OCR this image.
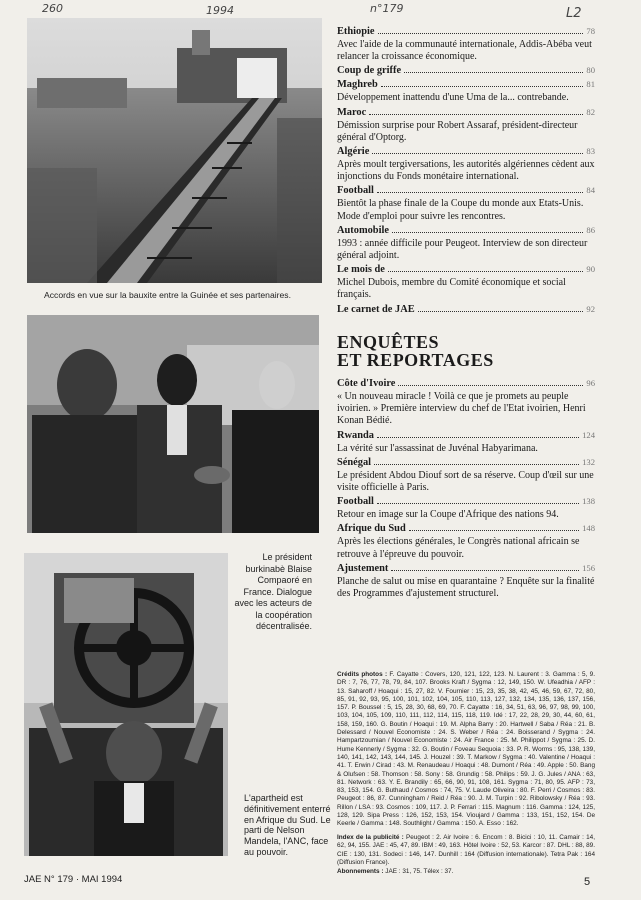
260	1994	n°179	L2
Accords en vue sur la bauxite entre la Guinée et ses partenaires.
Le président burkinabè Blaise Compaoré en France. Dialogue avec les acteurs de la coopération décentralisée.
L'apartheid est définitivement enterré en Afrique du Sud. Le parti de Nelson Mandela, l'ANC, face au pouvoir.
Ethiopie	78
Avec l'aide de la communauté internationale, Addis-Abéba veut relancer la croissance économique.
Coup de griffe	80
Maghreb	81
Développement inattendu d'une Uma de la... contrebande.
Maroc	82
Démission surprise pour Robert Assaraf, président-directeur général d'Optorg.
Algérie	83
Après moult tergiversations, les autorités algériennes cèdent aux injonctions du Fonds monétaire international.
Football	84
Bientôt la phase finale de la Coupe du monde aux Etats-Unis. Mode d'emploi pour suivre les rencontres.
Automobile	86
1993 : année difficile pour Peugeot. Interview de son directeur général adjoint.
Le mois de	90
Michel Dubois, membre du Comité économique et social français.
Le carnet de JAE	92
ENQUÊTES
ET REPORTAGES
Côte d'Ivoire	96
« Un nouveau miracle ! Voilà ce que je promets au peuple ivoirien. » Première interview du chef de l'Etat ivoirien, Henri Konan Bédié.
Rwanda	124
La vérité sur l'assassinat de Juvénal Habyarimana.
Sénégal	132
Le président Abdou Diouf sort de sa réserve. Coup d'œil sur une visite officielle à Paris.
Football	138
Retour en image sur la Coupe d'Afrique des nations 94.
Afrique du Sud	148
Après les élections générales, le Congrès national africain se retrouve à l'épreuve du pouvoir.
Ajustement	156
Planche de salut ou mise en quarantaine ? Enquête sur la finalité des Programmes d'ajustement structurel.
Crédits photos : F. Cayatte : Covers, 120, 121, 122, 123. N. Laurent : 3. Gamma : 5, 9. DR : 7, 76, 77, 78, 79, 84, 107. Brooks Kraft / Sygma : 12, 149, 150. W. Ufeadhia / AFP : 13. Saharoff / Hoaqui : 15, 27, 82. V. Fournier : 15, 23, 35, 38, 42, 45, 46, 59, 67, 72, 80, 85, 91, 92, 93, 95, 100, 101, 102, 104, 105, 110, 113, 127, 132, 134, 135, 136, 137, 156, 157. P. Boussel : 5, 15, 28, 30, 68, 69, 70. F. Cayatte : 16, 34, 51, 63, 96, 97, 98, 99, 100, 103, 104, 105, 109, 110, 111, 112, 114, 115, 118, 119. Idé : 17, 22, 28, 29, 30, 44, 60, 61, 158, 159, 160. G. Boutin / Hoaqui : 19. M. Alpha Barry : 20. Hartwell / Saba / Réa : 21. B. Delessard / Nouvel Economiste : 24. S. Weber / Réa : 24. Boisserand / Sygma : 24. Hampartzoumian / Nouvel Economiste : 24. Air France : 25. M. Philippot / Sygma : 25. D. Hume Kennerly / Sygma : 32. G. Boutin / Foveau Sequoia : 33. P. R. Worms : 95, 138, 139, 140, 141, 142, 143, 144, 145. J. Houzel : 39. T. Markow / Sygma : 40. Valentine / Hoaqui : 41. T. Erwin / Cirad : 43. M. Renaudeau / Hoaqui : 48. Dumont / Réa : 49. Apple : 50. Bang & Olufsen : 58. Thomson : 58. Sony : 58. Grundig : 58. Philips : 59. J. G. Jules / ANA : 63, 81. Network : 63. Y. E. Brandily : 65, 66, 90, 91, 108, 161. Sygma : 71, 80, 95. AFP : 73, 83, 153, 154. G. Buthaud / Cosmos : 74, 75. V. Laude Oliveira : 80. F. Perri / Cosmos : 83. Peugeot : 86, 87. Cunningham / Reid / Réa : 90. J. M. Turpin : 92. Ribolowsky / Réa : 93. Rillon / LSA : 93. Cosmos : 109, 117. J. P. Ferrari : 115. Magnum : 116. Gamma : 124, 125, 128, 129. Sipa Press : 126, 152, 153, 154. Vioujard / Gamma : 133, 151, 152, 154. De Keerle / Gamma : 148. Southlight / Gamma : 150. A. Esso : 162.
Index de la publicité : Peugeot : 2. Air Ivoire : 6. Encom : 8. Bicici : 10, 11. Camair : 14, 62, 94, 155. JAE : 45, 47, 89. IBM : 49, 163. Hôtel Ivoire : 52, 53. Karcor : 87. DHL : 88, 89. CIE : 130, 131. Sodeci : 146, 147. Dunhill : 164 (Diffusion internationale). Tetra Pak : 164 (Diffusion France).
Abonnements : JAE : 31, 75. Télex : 37.
JAE N° 179 · MAI 1994	5
